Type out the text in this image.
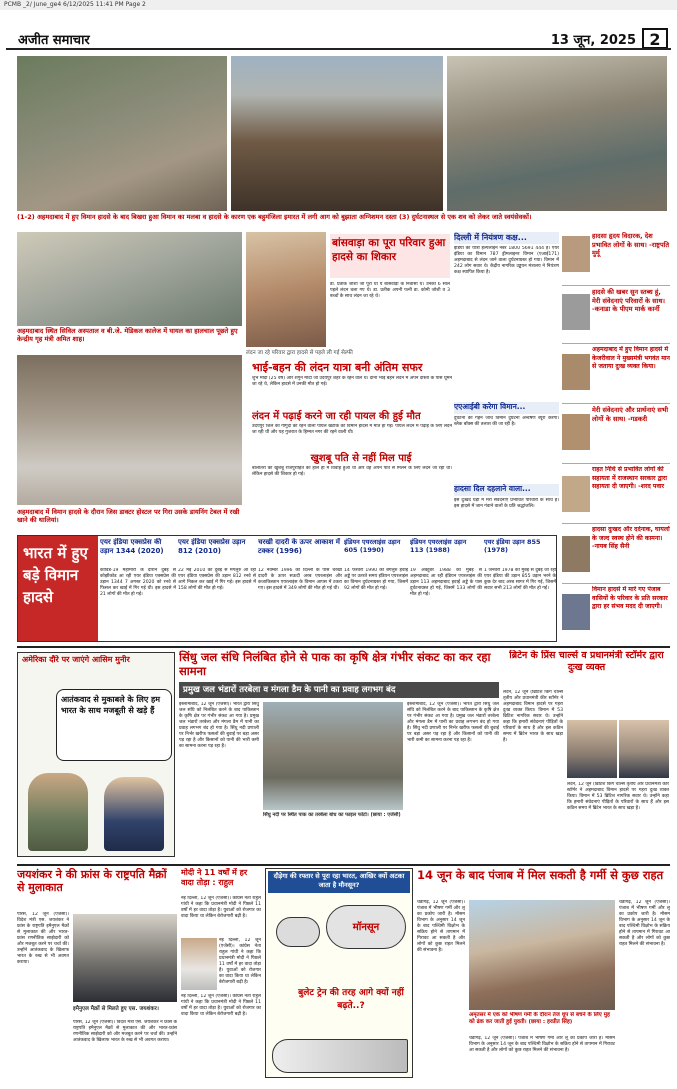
PCMB _2/ June_ge4 6/12/2025 11:41 PM Page 2
अजीत समाचार	13 जून, 2025 2
(1-2) अहमदाबाद में हुए विमान हादसे के बाद बिखरा हुआ विमान का मलबा व हादसे के कारण एक बहुमंजिला इमारत में लगी आग को बुझाता अग्निशमन दस्ता (3) दुर्घटनास्थल से एक शव को लेकर जाते स्वयंसेवकों।
अहमदाबाद स्थित सिविल अस्पताल व बी.जे. मेडिकल कालेज में घायल का हालचाल पूछते हुए केन्द्रीय गृह मंत्री अमित शाह।
अहमदाबाद में विमान हादसे के दौरान जिस डाक्टर होस्टल पर गिरा उसके डायनिंग टेबल में रखी खाने की थालियां।
लंदन जा रहे परिवार द्वारा हादसे से पहले ली गई सेल्फी
बांसवाड़ा का पूरा परिवार हुआ हादसे का शिकार
डा. प्रतीक जोशी जो पूरा था ये बांसवाड़ा के निवासी थे। उनका 6 साल पहले लंदन चला गए थे। डा. प्रतीक अपनी पत्नी डा. कोमी जोशी व 3 बच्चों के साथ लंदन जा रहे थे।
भाई-बहन की लंदन यात्रा बनी अंतिम सफर
शुभ मोदी (25 वर्ष) और शगुन मोदी जो उदयपुर शहर के रहने वाले थे। दोनों भाई बहन लंदन में अपने दोस्तों के पास घूमने जा रहे थे, लेकिन हादसे में उनकी मौत हो गई।
लंदन में पढ़ाई करने जा रही पायल की हुई मौत
उदयपुर जिले की गोगुंदा की रहने वाली पायल खटीक की विमान हादसे में मौत हो गई। पायल लंदन में पढ़ाई के लिए लंदन जा रही थी और यह गुजरात के हिम्मत नगर की रहने वाली थी।
खुशबू पति से नहीं मिल पाई
बालोतरा की खुशबू राजपुरोहित का हाल ही में विवाह हुआ था और वह अपने पति से मिलने के लिए लंदन जा रही थी। लेकिन हादसे की शिकार हो गई।
दिल्ली में नियंत्रण कक्ष...
इंडिया का यात्री हेल्पलाइन नंबर 1800 5691 444 है। एयर इंडिया का विमान 787 ड्रीमलाइनर विमान (एआई171) अहमदाबाद से लंदन जाने वाला दुर्घटनाग्रस्त हो गया। विमान में 242 लोग सवार थे। केंद्रीय नागरिक उड्डयन मंत्रालय ने नियंत्रण कक्ष स्थापित किया है।
एएआईबी करेगा विमान...
दुर्घटना की गहन जांच विमान दुर्घटना अन्वेषण ब्यूरो करेगा। ब्लैक बॉक्स की तलाश की जा रही है।
हादसा दिल दहलाने वाला...
इस दुःखद घड़ी में मेरी संवेदनाएं प्रभावित परिवारों के साथ हैं। इस हादसे में जान गंवाने वालों के प्रति श्रद्धांजलि।
हादसा हृदय विदारक, देश प्रभावित लोगों के साथ। -राष्ट्रपति मुर्मू
हादसे की खबर सुन स्तब्ध हूं, मेरी संवेदनाएं परिवारों के साथ। -कनाडा के पीएम मार्क कार्नी
अहमदाबाद में हुए विमान हादसे में केजरीवाल ने मुख्यमंत्री भगवंत मान से जताया दुःख व्यक्त किया।
मेरी संवेदनाएं और प्रार्थनाएं सभी लोगों के साथ। -गडकरी
राहत निधि से प्रभावित लोगों की सहायता में राजस्थान सरकार द्वारा सहायता दी जाएगी। -शरद पवार
हादसा दुःखद और दर्दनाक, घायलों के जल्द स्वस्थ होने की कामना। -नायब सिंह सैनी
विमान हादसे में मारे गए पंजाब वासियों के परिवार के प्रति सरकार द्वारा हर संभव मदद दी जाएगी।
भारत में हुए बड़े विमान हादसे
एयर इंडिया एक्सप्रेस की उड़ान 1344 (2020)
कोविड-19 महामारी के दौरान दुबई से कोझीकोड आ रही एयर इंडिया एक्सप्रेस की उड़ान 1344 7 अगस्त 2020 को रनवे से फिसल कर खाई में गिर गई थी। इस हादसे में 21 लोगों की मौत हो गई।
एयर इंडिया एक्सप्रेस उड़ान 812 (2010)
22 मई 2010 को दुबई से मंगलुरु आ रही एयर इंडिया एक्सप्रेस की उड़ान 812 रनवे से आगे निकल कर खाई में गिर गई। इस हादसे में 158 लोगों की मौत हो गई।
चरखी दादरी के ऊपर आकाश में टक्कर (1996)
12 नवम्बर 1996 को दिल्ली के पास चरखी दादरी के ऊपर सऊदी अरब एयरलाइंस और कजाकिस्तान एयरलाइंस के विमान आपस में टकरा गए। इस हादसे में 349 लोगों की मौत हो गई थी।
इंडियन एयरलाइंस उड़ान 605 (1990)
14 फरवरी 1990 को बेंगलुरु हवाई अड्डे पर उतरते समय इंडियन एयरलाइंस का विमान दुर्घटनाग्रस्त हो गया, जिसमें 92 लोगों की मौत हो गई।
इंडियन एयरलाइंस उड़ान 113 (1988)
19 अक्टूबर 1988 को मुंबई से अहमदाबाद आ रही इंडियन एयरलाइंस की उड़ान 113 अहमदाबाद हवाई अड्डे के पास दुर्घटनाग्रस्त हो गई, जिसमें 133 लोगों की मौत हो गई।
एयर इंडिया उड़ान 855 (1978)
1 जनवरी 1978 को मुंबई से दुबई जा रही एयर इंडिया की उड़ान 855 उड़ान भरने के कुछ देर बाद अरब सागर में गिर गई, जिसमें सवार सभी 213 लोगों की मौत हो गई।
अमेरिका दौरे पर जाएंगे आसिम मुनीर
आतंकवाद से मुकाबले के लिए हम भारत के साथ मजबूती से खड़े हैं
सिंधु जल संधि निलंबित होने से पाक का कृषि क्षेत्र गंभीर संकट का कर रहा सामना
प्रमुख जल भंडारों तरबेला व मंगला डैम के पानी का प्रवाह लगभग बंद
इस्लामाबाद, 12 जून (एजेंसी)। भारत द्वारा सिंधु जल संधि को निलंबित करने के बाद पाकिस्तान के कृषि क्षेत्र पर गंभीर संकट आ गया है। प्रमुख जल भंडारों तरबेला और मंगला डैम में पानी का प्रवाह लगभग बंद हो गया है। सिंधु नदी प्रणाली पर निर्भर खरीफ फसलों की बुवाई पर बड़ा असर पड़ रहा है और किसानों को पानी की भारी कमी का सामना करना पड़ रहा है।
सिंधु नदी पर स्थित पाक का तरबेला बांध का फाइल फोटो। (छाया : एजेंसी)
इस्लामाबाद, 12 जून (एजेंसी)। भारत द्वारा सिंधु जल संधि को निलंबित करने के बाद पाकिस्तान के कृषि क्षेत्र पर गंभीर संकट आ गया है। प्रमुख जल भंडारों तरबेला और मंगला डैम में पानी का प्रवाह लगभग बंद हो गया है। सिंधु नदी प्रणाली पर निर्भर खरीफ फसलों की बुवाई पर बड़ा असर पड़ रहा है और किसानों को पानी की भारी कमी का सामना करना पड़ रहा है।
ब्रिटेन के प्रिंस चार्ल्स व प्रधानमंत्री स्टॉर्मर द्वारा दुःख व्यक्त
लंदन, 12 जून (ब्रिटिश किंग चार्ल्स तृतीय और प्रधानमंत्री कीर स्टॉर्मर ने अहमदाबाद विमान हादसे पर गहरा दुःख व्यक्त किया। विमान में 53 ब्रिटिश नागरिक सवार थे। उन्होंने कहा कि हमारी संवेदनाएं पीड़ितों के परिवारों के साथ हैं और इस कठिन समय में ब्रिटेन भारत के साथ खड़ा है।
लंदन, 12 जून (ब्रिटिश किंग चार्ल्स तृतीय और प्रधानमंत्री कीर स्टॉर्मर ने अहमदाबाद विमान हादसे पर गहरा दुःख व्यक्त किया। विमान में 53 ब्रिटिश नागरिक सवार थे। उन्होंने कहा कि हमारी संवेदनाएं पीड़ितों के परिवारों के साथ हैं और इस कठिन समय में ब्रिटेन भारत के साथ खड़ा है।
जयशंकर ने की फ्रांस के राष्ट्रपति मैक्रों से मुलाकात
पेरिस, 12 जून (एजेंसी)। विदेश मंत्री एस. जयशंकर ने फ्रांस के राष्ट्रपति इमैनुएल मैक्रों से मुलाकात की और भारत-फ्रांस रणनीतिक साझेदारी को और मजबूत करने पर चर्चा की। उन्होंने आतंकवाद के खिलाफ भारत के रुख से भी अवगत कराया।
इमैनुएल मैक्रों से मिलते हुए एस. जयशंकर।
पेरिस, 12 जून (एजेंसी)। विदेश मंत्री एस. जयशंकर ने फ्रांस के राष्ट्रपति इमैनुएल मैक्रों से मुलाकात की और भारत-फ्रांस रणनीतिक साझेदारी को और मजबूत करने पर चर्चा की। उन्होंने आतंकवाद के खिलाफ भारत के रुख से भी अवगत कराया।
मोदी ने 11 वर्षों में हर वादा तोड़ा : राहुल
नई दिल्ली, 12 जून (एजेंसी)। कांग्रेस नेता राहुल गांधी ने कहा कि प्रधानमंत्री मोदी ने पिछले 11 वर्षों में हर वादा तोड़ा है। युवाओं को रोजगार का वादा किया था लेकिन बेरोजगारी बढ़ी है।
नई दिल्ली, 12 जून (एजेंसी)। कांग्रेस नेता राहुल गांधी ने कहा कि प्रधानमंत्री मोदी ने पिछले 11 वर्षों में हर वादा तोड़ा है। युवाओं को रोजगार का वादा किया था लेकिन बेरोजगारी बढ़ी है।
नई दिल्ली, 12 जून (एजेंसी)। कांग्रेस नेता राहुल गांधी ने कहा कि प्रधानमंत्री मोदी ने पिछले 11 वर्षों में हर वादा तोड़ा है। युवाओं को रोजगार का वादा किया था लेकिन बेरोजगारी बढ़ी है।
दौड़ेगा की रफ्तार से पूरा रहा भारत, आखिर क्यों अटका जाता है मौनसून?
मॉनसून
बुलेट ट्रेन की तरह आगे क्यों नहीं बढ़ते..?
14 जून के बाद पंजाब में मिल सकती है गर्मी से कुछ राहत
चंडीगढ़, 12 जून (एजेंसी)। पंजाब में भीषण गर्मी और लू का प्रकोप जारी है। मौसम विभाग के अनुसार 14 जून के बाद पश्चिमी विक्षोभ के सक्रिय होने से तापमान में गिरावट आ सकती है और लोगों को कुछ राहत मिलने की संभावना है।
अमृतसर में एक को भीषण गर्मी के दौरान तेज धूप से बचने के लिए मुंह को ढंक कर जाती हुई युवती। (छाया : हरप्रीत सिंह)
चंडीगढ़, 12 जून (एजेंसी)। पंजाब में भीषण गर्मी और लू का प्रकोप जारी है। मौसम विभाग के अनुसार 14 जून के बाद पश्चिमी विक्षोभ के सक्रिय होने से तापमान में गिरावट आ सकती है और लोगों को कुछ राहत मिलने की संभावना है।
चंडीगढ़, 12 जून (एजेंसी)। पंजाब में भीषण गर्मी और लू का प्रकोप जारी है। मौसम विभाग के अनुसार 14 जून के बाद पश्चिमी विक्षोभ के सक्रिय होने से तापमान में गिरावट आ सकती है और लोगों को कुछ राहत मिलने की संभावना है।
